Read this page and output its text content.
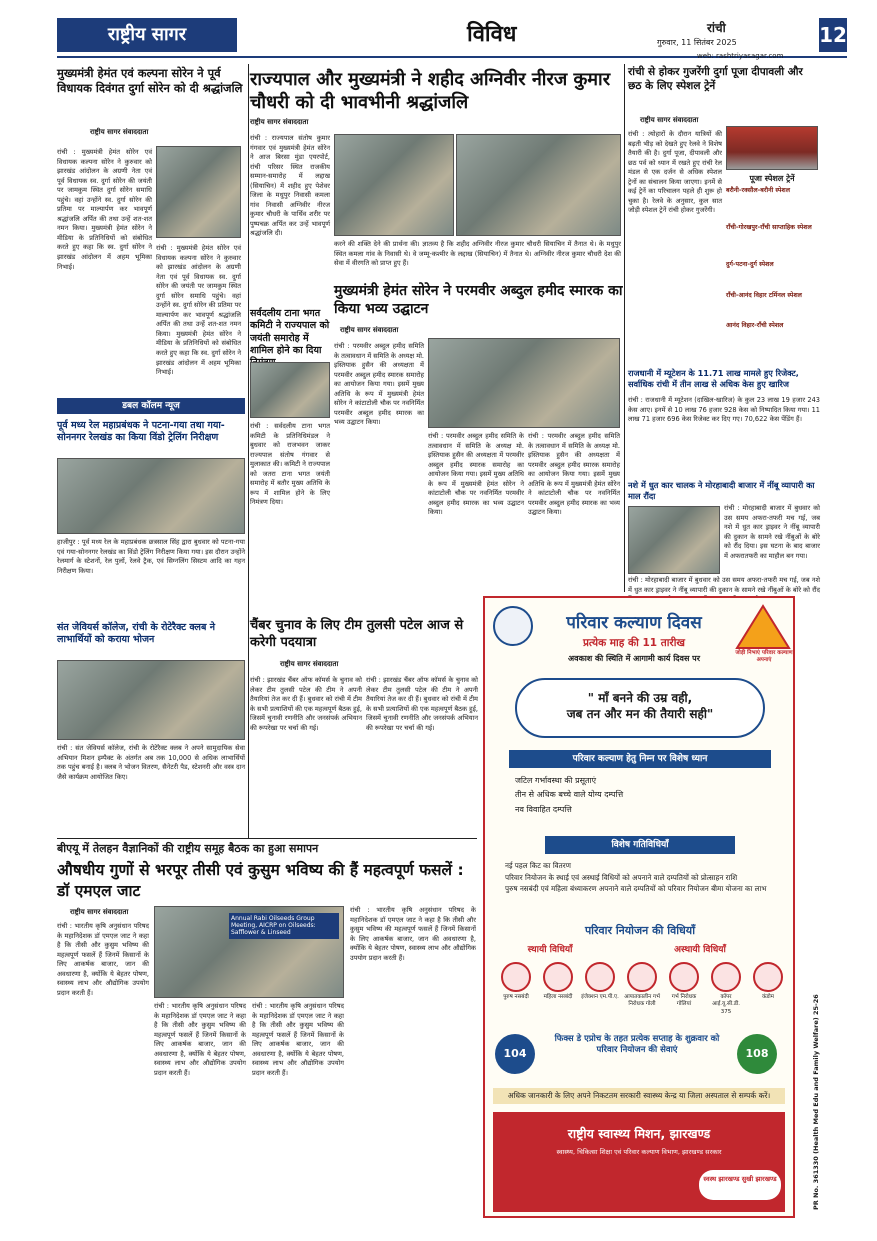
राष्ट्रीय सागर	विविध	रांची
गुरुवार, 11 सितंबर 2025	12
web: rashtriyasagar.com
मुख्यमंत्री हेमंत एवं कल्पना सोरेन ने पूर्व विधायक दिवंगत दुर्गा सोरेन को दी श्रद्धांजलि
राष्ट्रीय सागर संवाददाता
रांची : मुख्यमंत्री हेमंत सोरेन एवं विधायक कल्पना सोरेन ने कुरुवार को झारखंड आंदोलन के अग्रणी नेता एवं पूर्व विधायक स्व. दुर्गा सोरेन की जयंती पर जामकुम स्थित दुर्गा सोरेन समाधि पहुंचे। वहां उन्होंने स्व. दुर्गा सोरेन की प्रतिमा पर माल्यार्पण कर भावपूर्ण श्रद्धांजलि अर्पित की तथा उन्हें शत-शत नमन किया। मुख्यमंत्री हेमंत सोरेन ने मीडिया के प्रतिनिधियों को संबोधित करते हुए कहा कि स्व. दुर्गा सोरेन ने झारखंड आंदोलन में अहम भूमिका निभाई।
रांची : मुख्यमंत्री हेमंत सोरेन एवं विधायक कल्पना सोरेन ने कुरुवार को झारखंड आंदोलन के अग्रणी नेता एवं पूर्व विधायक स्व. दुर्गा सोरेन की जयंती पर जामकुम स्थित दुर्गा सोरेन समाधि पहुंचे। वहां उन्होंने स्व. दुर्गा सोरेन की प्रतिमा पर माल्यार्पण कर भावपूर्ण श्रद्धांजलि अर्पित की तथा उन्हें शत-शत नमन किया। मुख्यमंत्री हेमंत सोरेन ने मीडिया के प्रतिनिधियों को संबोधित करते हुए कहा कि स्व. दुर्गा सोरेन ने झारखंड आंदोलन में अहम भूमिका निभाई।
डबल कॉलम न्यूज
पूर्व मध्य रेल महाप्रबंधक ने पटना-गया तथा गया-सोननगर रेलखंड का किया विंडो ट्रेलिंग निरीक्षण
हाजीपुर : पूर्व मध्य रेल के महाप्रबंधक छत्रसाल सिंह द्वारा बुधवार को पटना-गया एवं गया-सोननगर रेलखंड का विंडो ट्रेलिंग निरीक्षण किया गया। इस दौरान उन्होंने रेलमार्ग के स्टेशनों, रेल पुलों, रेलवे ट्रैक, एवं सिग्नलिंग सिस्टम आदि का गहन निरीक्षण किया।
संत जेवियर्स कॉलेज, रांची के रोटेरैक्ट क्लब ने लाभार्थियों को कराया भोजन
रांची : संत जेवियर्स कॉलेज, रांची के रोटेरैक्ट क्लब ने अपने सामुदायिक सेवा अभियान मिशन इम्पैक्ट के अंतर्गत अब तक 10,000 से अधिक लाभार्थियों तक पहुंच बनाई है। क्लब ने भोजन वितरण, सैनेटरी पैड, स्टेशनरी और वस्त्र दान जैसे कार्यक्रम आयोजित किए।
राज्यपाल और मुख्यमंत्री ने शहीद अग्निवीर नीरज कुमार चौधरी को दी भावभीनी श्रद्धांजलि
राष्ट्रीय सागर संवाददाता
रांची : राज्यपाल संतोष कुमार गंगवार एवं मुख्यमंत्री हेमंत सोरेन ने आज बिरसा मुंडा एयरपोर्ट, रांची परिसर स्थित राजकीय सम्मान-समारोह में लद्दाख (सियाचिन) में शहीद हुए पेशेवर जिला के मधुपुर निवासी कमला गांव निवासी अग्निवीर नीरज कुमार चौधरी के पार्थिव शरीर पर पुष्पचक्र अर्पित कर उन्हें भावपूर्ण श्रद्धांजलि दी।
करने की शक्ति देने की प्रार्थना की। ज्ञातव्य है कि शहीद अग्निवीर नीरज कुमार चौधरी सियाचिन में तैनात थे। के मधुपुर स्थित कमला गांव के निवासी थे। वे जम्मू-कश्मीर के लद्दाख (सियाचिन) में तैनात थे। अग्निवीर नीरज कुमार चौधरी देश की सेवा में वीरगति को प्राप्त हुए हैं।
सर्वदलीय टाना भगत कमिटी ने राज्यपाल को जयंती समारोह में शामिल होने का दिया
रांची : सर्वदलीय टाना भगत कमिटी के प्रतिनिधिमंडल ने बुधवार को राजभवन जाकर राज्यपाल संतोष गंगवार से मुलाकात की। कमिटी ने राज्यपाल को जतरा टाना भगत जयंती समारोह में बतौर मुख्य अतिथि के रूप में शामिल होने के लिए निमंत्रण दिया।
मुख्यमंत्री हेमंत सोरेन ने परमवीर अब्दुल हमीद स्मारक का किया भव्य उद्घाटन
राष्ट्रीय सागर संवाददाता
रांची : परमवीर अब्दुल हमीद समिति के तत्वावधान में समिति के अध्यक्ष मो. इस्तियाक हुसैन की अध्यक्षता में परमवीर अब्दुल हमीद स्मारक समारोह का आयोजन किया गया। इसमें मुख्य अतिथि के रूप में मुख्यमंत्री हेमंत सोरेन ने कांटाटोली चौक पर नवनिर्मित परमवीर अब्दुल हमीद स्मारक का भव्य उद्घाटन किया।
रांची : परमवीर अब्दुल हमीद समिति के तत्वावधान में समिति के अध्यक्ष मो. इस्तियाक हुसैन की अध्यक्षता में परमवीर अब्दुल हमीद स्मारक समारोह का आयोजन किया गया। इसमें मुख्य अतिथि के रूप में मुख्यमंत्री हेमंत सोरेन ने कांटाटोली चौक पर नवनिर्मित परमवीर अब्दुल हमीद स्मारक का भव्य उद्घाटन किया।
रांची : परमवीर अब्दुल हमीद समिति के तत्वावधान में समिति के अध्यक्ष मो. इस्तियाक हुसैन की अध्यक्षता में परमवीर अब्दुल हमीद स्मारक समारोह का आयोजन किया गया। इसमें मुख्य अतिथि के रूप में मुख्यमंत्री हेमंत सोरेन ने कांटाटोली चौक पर नवनिर्मित परमवीर अब्दुल हमीद स्मारक का भव्य उद्घाटन किया।
चैंबर चुनाव के लिए टीम तुलसी पटेल आज से करेगी पदयात्रा
राष्ट्रीय सागर संवाददाता
रांची : झारखंड चैंबर ऑफ कॉमर्स के चुनाव को लेकर टीम तुलसी पटेल की टीम ने अपनी तैयारियां तेज कर दी हैं। बुधवार को रांची में टीम के सभी प्रत्याशियों की एक महत्वपूर्ण बैठक हुई, जिसमें चुनावी रणनीति और जनसंपर्क अभियान की रूपरेखा पर चर्चा की गई।
रांची : झारखंड चैंबर ऑफ कॉमर्स के चुनाव को लेकर टीम तुलसी पटेल की टीम ने अपनी तैयारियां तेज कर दी हैं। बुधवार को रांची में टीम के सभी प्रत्याशियों की एक महत्वपूर्ण बैठक हुई, जिसमें चुनावी रणनीति और जनसंपर्क अभियान की रूपरेखा पर चर्चा की गई।
रांची से होकर गुजरेंगी दुर्गा पूजा दीपावली और छठ के लिए स्पेशल ट्रेनें
राष्ट्रीय सागर संवाददाता
रांची : त्योहारों के दौरान यात्रियों की बढ़ती भीड़ को देखते हुए रेलवे ने विशेष तैयारी की है। दुर्गा पूजा, दीपावली और छठ पर्व को ध्यान में रखते हुए रांची रेल मंडल से एक दर्जन से अधिक स्पेशल ट्रेनों का संचालन किया जाएगा। इनमें से कई ट्रेनें का परिचालन पहले ही शुरू हो चुका है। रेलवे के अनुसार, कुल सात जोड़ी स्पेशल ट्रेनें रांची होकर गुजरेंगी।
पूजा स्पेशल ट्रेनें
बरौनी-रक्सौल-बरौनी स्पेशल
राँची-गोरखपुर-राँची साप्ताहिक स्पेशल
दुर्ग-पटना-दुर्ग स्पेशल
राँची-आनंद विहार टर्मिनल स्पेशल
आनंद विहार-राँची स्पेशल
राजधानी में म्यूटेशन के 11.71 लाख मामले हुए रिजेक्ट, सर्वाधिक रांची में तीन लाख से अधिक केस हुए खारिज
रांची : राजधानी में म्यूटेशन (दाखिल-खारिज) के कुल 23 लाख 19 हजार 243 केस आए। इनमें से 10 लाख 76 हजार 928 केस को निष्पादित किया गया। 11 लाख 71 हजार 696 केस रिजेक्ट कर दिए गए। 70,622 केस पेंडिंग हैं।
नशे में धुत कार चालक ने मोरहाबादी बाजार में नींबू व्यापारी का माल रौंदा
रांची : मोरहाबादी बाजार में बुधवार को उस समय अफरा-तफरी मच गई, जब नशे में धुत कार ड्राइवर ने नींबू व्यापारी की दुकान के सामने रखे नींबुओं के बोरे को रौंद दिया। इस घटना के बाद बाजार में अफरातफरी का माहौल बन गया।
रांची : मोरहाबादी बाजार में बुधवार को उस समय अफरा-तफरी मच गई, जब नशे में धुत कार ड्राइवर ने नींबू व्यापारी की दुकान के सामने रखे नींबुओं के बोरे को रौंद
बीएयू में तेलहन वैज्ञानिकों की राष्ट्रीय समूह बैठक का हुआ समापन
औषधीय गुणों से भरपूर तीसी एवं कुसुम भविष्य की हैं महत्वपूर्ण फसलें : डॉ एमएल जाट
राष्ट्रीय सागर संवाददाता
रांची : भारतीय कृषि अनुसंधान परिषद के महानिदेशक डॉ एमएल जाट ने कहा है कि तीसी और कुसुम भविष्य की महत्वपूर्ण फसलें हैं जिनमें किसानों के लिए आकर्षक बाजार, जान की अवधारणा है, क्योंकि ये बेहतर पोषण, स्वास्थ्य लाभ और औद्योगिक उपयोग प्रदान करती हैं।
Annual Rabi Oilseeds Group Meeting, AICRP on Oilseeds: Safflower & Linseed
रांची : भारतीय कृषि अनुसंधान परिषद के महानिदेशक डॉ एमएल जाट ने कहा है कि तीसी और कुसुम भविष्य की महत्वपूर्ण फसलें हैं जिनमें किसानों के लिए आकर्षक बाजार, जान की अवधारणा है, क्योंकि ये बेहतर पोषण, स्वास्थ्य लाभ और औद्योगिक उपयोग प्रदान करती हैं।
रांची : भारतीय कृषि अनुसंधान परिषद के महानिदेशक डॉ एमएल जाट ने कहा है कि तीसी और कुसुम भविष्य की महत्वपूर्ण फसलें हैं जिनमें किसानों के लिए आकर्षक बाजार, जान की अवधारणा है, क्योंकि ये बेहतर पोषण, स्वास्थ्य लाभ और औद्योगिक उपयोग प्रदान करती हैं।
रांची : भारतीय कृषि अनुसंधान परिषद के महानिदेशक डॉ एमएल जाट ने कहा है कि तीसी और कुसुम भविष्य की महत्वपूर्ण फसलें हैं जिनमें किसानों के लिए आकर्षक बाजार, जान की अवधारणा है, क्योंकि ये बेहतर पोषण, स्वास्थ्य लाभ और औद्योगिक उपयोग प्रदान करती हैं।
जोड़ी निभाएं परिवार कल्याण अपनाएं
परिवार कल्याण दिवस
प्रत्येक माह की 11 तारीख
अवकाश की स्थिति में आगामी कार्य दिवस पर
" माँ बनने की उम्र वही,
जब तन और मन की तैयारी सही"
परिवार कल्याण हेतु निम्न पर विशेष ध्यान
जटिल गर्भावस्था की प्रसूताएं
तीन से अधिक बच्चे वाले योग्य दम्पत्ति
नव विवाहित दम्पत्ति
विशेष गतिविधियाँ
नई पहल किट का वितरण
परिवार नियोजन के स्थाई एवं अस्थाई विधियों को अपनाने वाले दम्पतियों को प्रोत्साहन राशि
पुरुष नसबंदी एवं महिला बंध्याकरण अपनाने वाले दम्पतियों को परिवार नियोजन बीमा योजना का लाभ
परिवार नियोजन की विधियाँ
स्थायी विधियाँ	अस्थायी विधियाँ
पुरुष नसबंदी	महिला नसबंदी	इंजेक्शन एम.पी.ए. आपातकालीन गर्भ निरोधक गोली
गर्भ निरोधक गोलियां
कॉपर आई.यू.सी.डी. 375
कंडोम
104	108
फिक्स डे एप्रोच के तहत प्रत्येक सप्ताह के शुक्रवार को परिवार नियोजन की सेवाएं
अधिक जानकारी के लिए अपने निकटतम सरकारी स्वास्थ्य केन्द्र या जिला अस्पताल से सम्पर्क करें।
राष्ट्रीय स्वास्थ्य मिशन, झारखण्ड
स्वास्थ्य, चिकित्सा शिक्षा एवं परिवार कल्याण विभाण, झारखण्ड सरकार
स्वस्थ झारखण्ड सुखी झारखण्ड	PR No. 361330 (Health Med Edu and Family Welfare) 25-26
